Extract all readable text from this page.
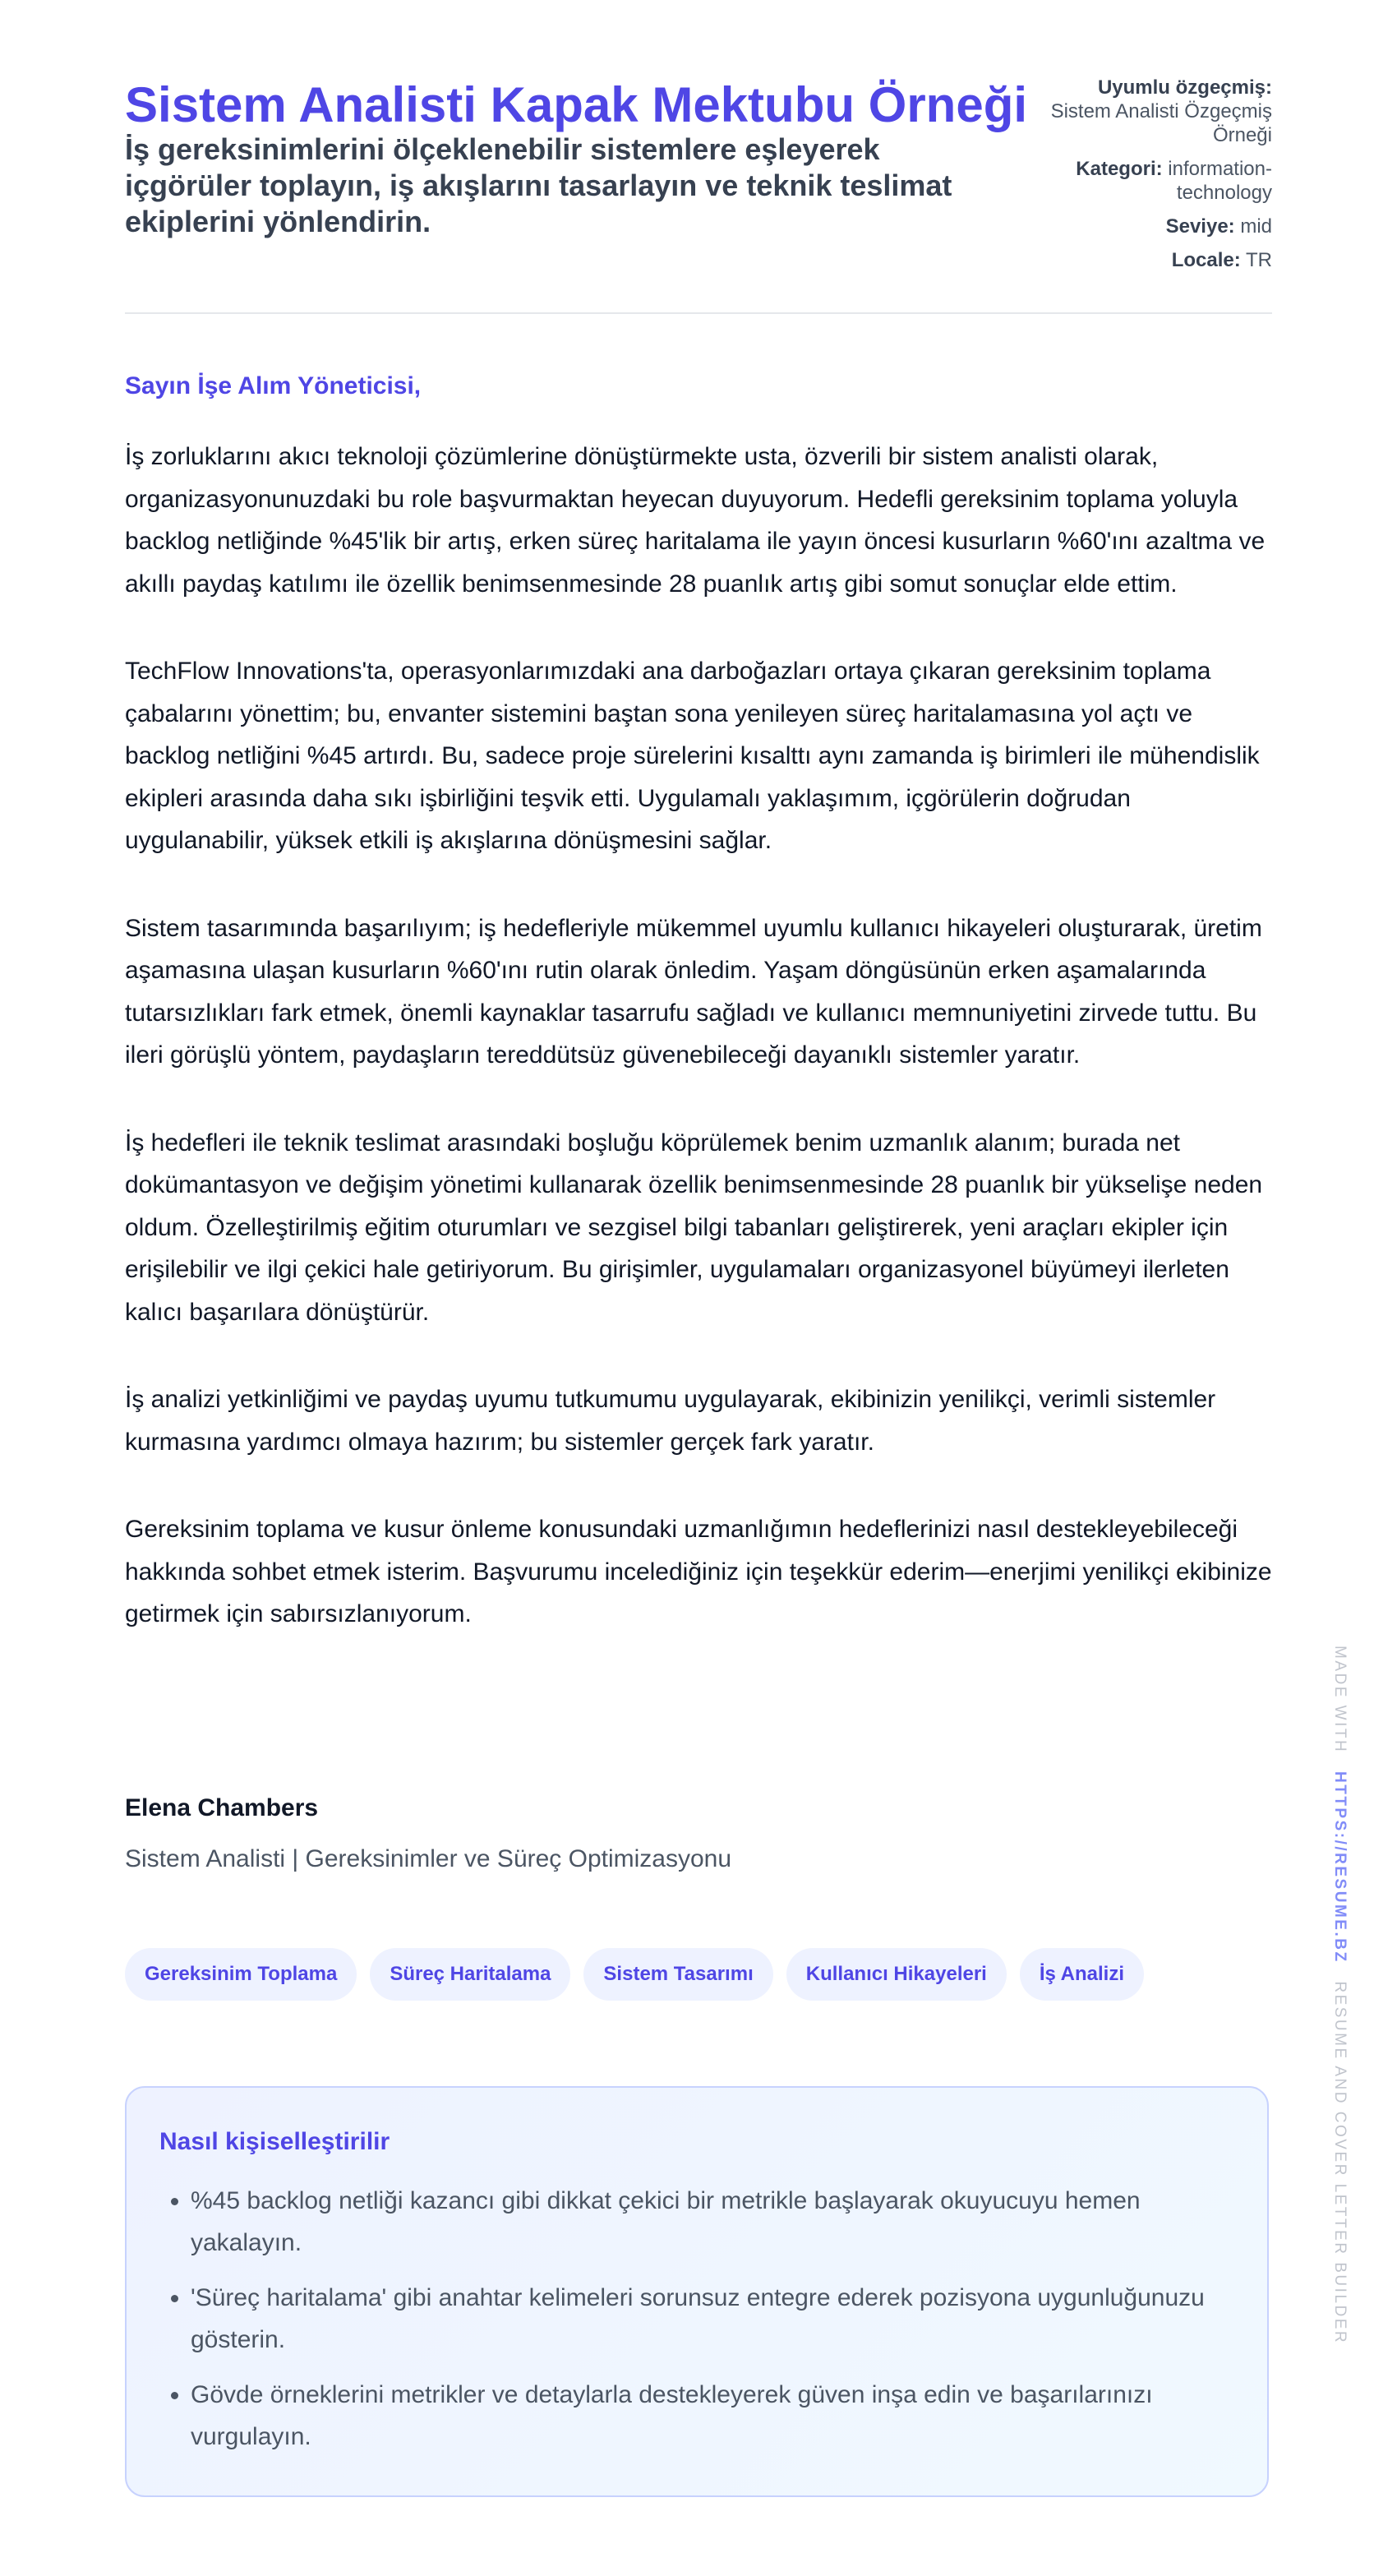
Sistem Analisti Kapak Mektubu Örneği

İş gereksinimlerini ölçeklenebilir sistemlere eşleyerek içgörüler toplayın, iş akışlarını tasarlayın ve teknik teslimat ekiplerini yönlendirin.

Uyumlu özgeçmiş:
Sistem Analisti Özgeçmiş Örneği
Kategori: information-technology
Seviye: mid
Locale: TR

Sayın İşe Alım Yöneticisi,

İş zorluklarını akıcı teknoloji çözümlerine dönüştürmekte usta, özverili bir sistem analisti olarak, organizasyonunuzdaki bu role başvurmaktan heyecan duyuyorum. Hedefli gereksinim toplama yoluyla backlog netliğinde %45'lik bir artış, erken süreç haritalama ile yayın öncesi kusurların %60'ını azaltma ve akıllı paydaş katılımı ile özellik benimsenmesinde 28 puanlık artış gibi somut sonuçlar elde ettim.

TechFlow Innovations'ta, operasyonlarımızdaki ana darboğazları ortaya çıkaran gereksinim toplama çabalarını yönettim; bu, envanter sistemini baştan sona yenileyen süreç haritalamasına yol açtı ve backlog netliğini %45 artırdı. Bu, sadece proje sürelerini kısalttı aynı zamanda iş birimleri ile mühendislik ekipleri arasında daha sıkı işbirliğini teşvik etti. Uygulamalı yaklaşımım, içgörülerin doğrudan uygulanabilir, yüksek etkili iş akışlarına dönüşmesini sağlar.

Sistem tasarımında başarılıyım; iş hedefleriyle mükemmel uyumlu kullanıcı hikayeleri oluşturarak, üretim aşamasına ulaşan kusurların %60'ını rutin olarak önledim. Yaşam döngüsünün erken aşamalarında tutarsızlıkları fark etmek, önemli kaynaklar tasarrufu sağladı ve kullanıcı memnuniyetini zirvede tuttu. Bu ileri görüşlü yöntem, paydaşların tereddütsüz güvenebileceği dayanıklı sistemler yaratır.

İş hedefleri ile teknik teslimat arasındaki boşluğu köprülemek benim uzmanlık alanım; burada net dokümantasyon ve değişim yönetimi kullanarak özellik benimsenmesinde 28 puanlık bir yükselişe neden oldum. Özelleştirilmiş eğitim oturumları ve sezgisel bilgi tabanları geliştirerek, yeni araçları ekipler için erişilebilir ve ilgi çekici hale getiriyorum. Bu girişimler, uygulamaları organizasyonel büyümeyi ilerleten kalıcı başarılara dönüştürür.

İş analizi yetkinliğimi ve paydaş uyumu tutkumumu uygulayarak, ekibinizin yenilikçi, verimli sistemler kurmasına yardımcı olmaya hazırım; bu sistemler gerçek fark yaratır.

Gereksinim toplama ve kusur önleme konusundaki uzmanlığımın hedeflerinizi nasıl destekleyebileceği hakkında sohbet etmek isterim. Başvurumu incelediğiniz için teşekkür ederim—enerjimi yenilikçi ekibinize getirmek için sabırsızlanıyorum.

Elena Chambers

Sistem Analisti | Gereksinimler ve Süreç Optimizasyonu

Gereksinim Toplama	Süreç Haritalama	Sistem Tasarımı	Kullanıcı Hikayeleri	İş Analizi
Nasıl kişiselleştirilir
• %45 backlog netliği kazancı gibi dikkat çekici bir metrikle başlayarak okuyucuyu hemen yakalayın.
• 'Süreç haritalama' gibi anahtar kelimeleri sorunsuz entegre ederek pozisyona uygunluğunuzu gösterin.
• Gövde örneklerini metrikler ve detaylarla destekleyerek güven inşa edin ve başarılarınızı vurgulayın.
MADE WITH HTTPS://RESUME.BZ RESUME AND COVER LETTER BUILDER
